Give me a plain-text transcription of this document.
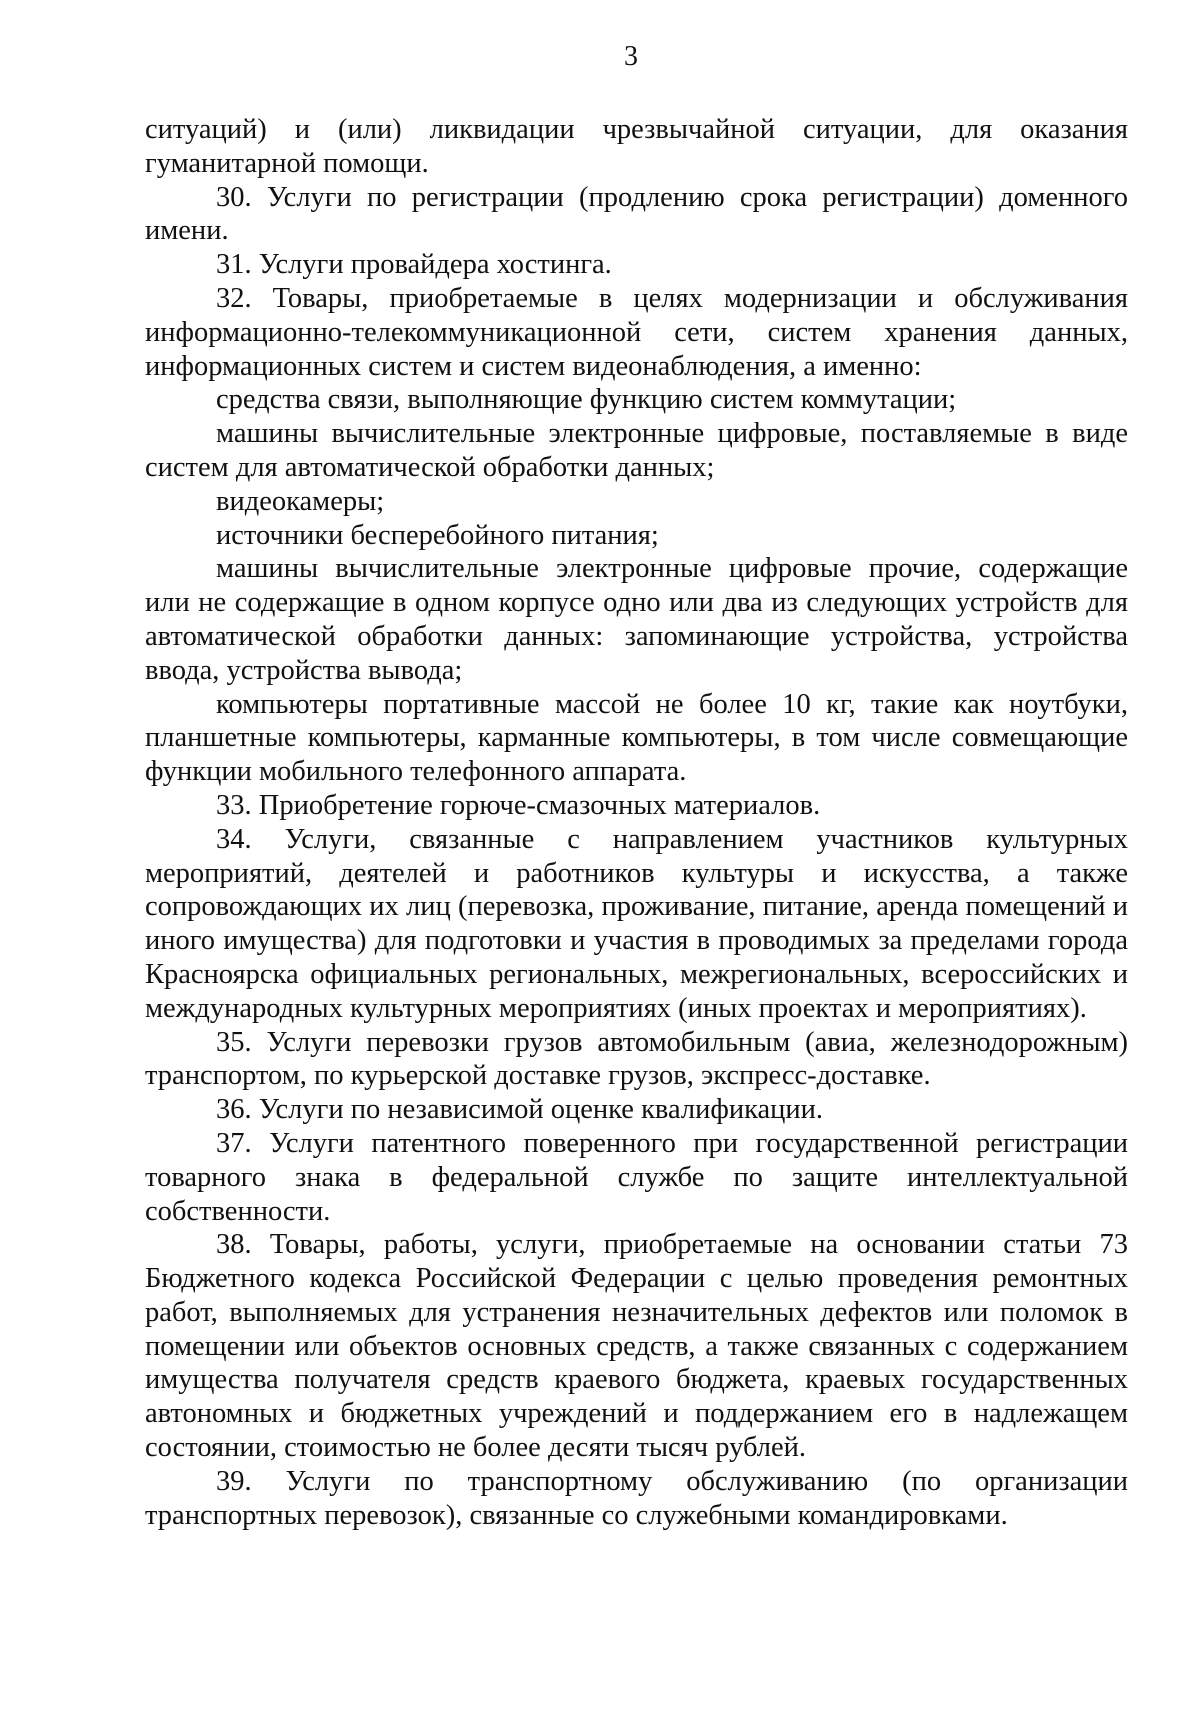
3

ситуаций) и (или) ликвидации чрезвычайной ситуации, для оказания гуманитарной помощи.

30. Услуги по регистрации (продлению срока регистрации) доменного имени.

31. Услуги провайдера хостинга.

32. Товары, приобретаемые в целях модернизации и обслуживания информационно-телекоммуникационной сети, систем хранения данных, информационных систем и систем видеонаблюдения, а именно:

средства связи, выполняющие функцию систем коммутации;

машины вычислительные электронные цифровые, поставляемые в виде систем для автоматической обработки данных;

видеокамеры;

источники бесперебойного питания;

машины вычислительные электронные цифровые прочие, содержащие или не содержащие в одном корпусе одно или два из следующих устройств для автоматической обработки данных: запоминающие устройства, устройства ввода, устройства вывода;

компьютеры портативные массой не более 10 кг, такие как ноутбуки, планшетные компьютеры, карманные компьютеры, в том числе совмещающие функции мобильного телефонного аппарата.

33. Приобретение горюче-смазочных материалов.

34. Услуги, связанные с направлением участников культурных мероприятий, деятелей и работников культуры и искусства, а также сопровождающих их лиц (перевозка, проживание, питание, аренда помещений и иного имущества) для подготовки и участия в проводимых за пределами города Красноярска официальных региональных, межрегиональных, всероссийских и международных культурных мероприятиях (иных проектах и мероприятиях).

35. Услуги перевозки грузов автомобильным (авиа, железнодорожным) транспортом, по курьерской доставке грузов, экспресс-доставке.

36. Услуги по независимой оценке квалификации.

37. Услуги патентного поверенного при государственной регистрации товарного знака в федеральной службе по защите интеллектуальной собственности.

38. Товары, работы, услуги, приобретаемые на основании статьи 73 Бюджетного кодекса Российской Федерации с целью проведения ремонтных работ, выполняемых для устранения незначительных дефектов или поломок в помещении или объектов основных средств, а также связанных с содержанием имущества получателя средств краевого бюджета, краевых государственных автономных и бюджетных учреждений и поддержанием его в надлежащем состоянии, стоимостью не более десяти тысяч рублей.

39. Услуги по транспортному обслуживанию (по организации транспортных перевозок), связанные со служебными командировками.
